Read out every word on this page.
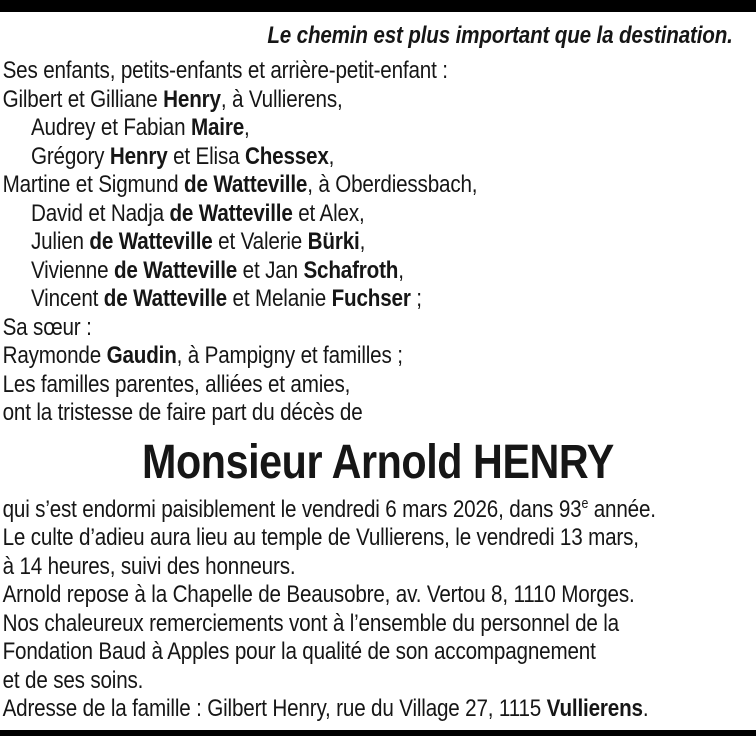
Le chemin est plus important que la destination.
Ses enfants, petits-enfants et arrière-petit-enfant :
Gilbert et Gilliane Henry, à Vullierens,
Audrey et Fabian Maire,
Grégory Henry et Elisa Chessex,
Martine et Sigmund de Watteville, à Oberdiessbach,
David et Nadja de Watteville et Alex,
Julien de Watteville et Valerie Bürki,
Vivienne de Watteville et Jan Schafroth,
Vincent de Watteville et Melanie Fuchser ;
Sa sœur :
Raymonde Gaudin, à Pampigny et familles ;
Les familles parentes, alliées et amies,
ont la tristesse de faire part du décès de
Monsieur Arnold HENRY
qui s’est endormi paisiblement le vendredi 6 mars 2026, dans 93e année.
Le culte d’adieu aura lieu au temple de Vullierens, le vendredi 13 mars,
à 14 heures, suivi des honneurs.
Arnold repose à la Chapelle de Beausobre, av. Vertou 8, 1110 Morges.
Nos chaleureux remerciements vont à l’ensemble du personnel de la
Fondation Baud à Apples pour la qualité de son accompagnement
et de ses soins.
Adresse de la famille : Gilbert Henry, rue du Village 27, 1115 Vullierens.
